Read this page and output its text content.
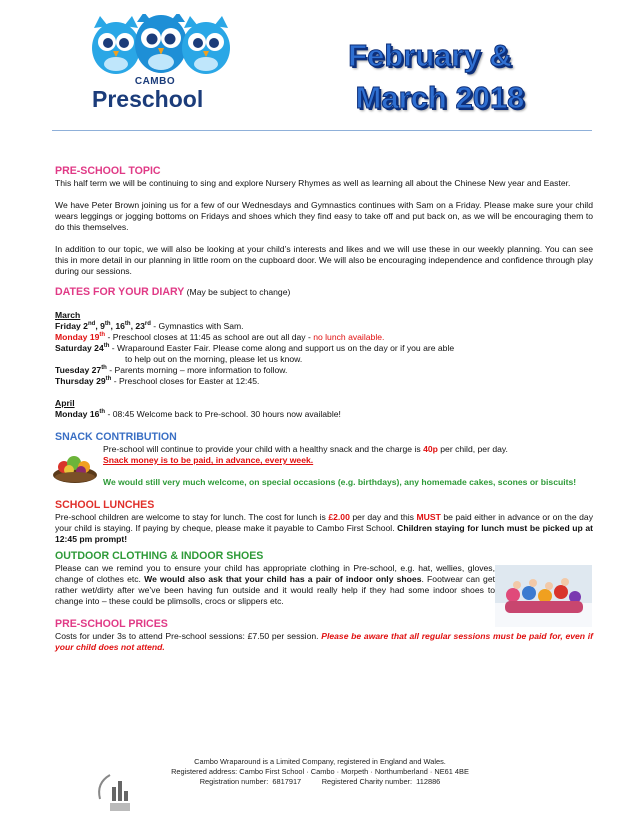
CAMBO
Preschool
February &
March 2018
PRE-SCHOOL TOPIC

This half term we will be continuing to sing and explore Nursery Rhymes as well as learning all about the Chinese New year and Easter.

We have Peter Brown joining us for a few of our Wednesdays and Gymnastics continues with Sam on a Friday. Please make sure your child wears leggings or jogging bottoms on Fridays and shoes which they find easy to take off and put back on, as we will be encouraging them to do this themselves.

In addition to our topic, we will also be looking at your child’s interests and likes and we will use these in our weekly planning. You can see this in more detail in our planning in little room on the cupboard door. We will also be encouraging independence and confidence through play during our sessions.

DATES FOR YOUR DIARY (May be subject to change)
March
Friday 2nd, 9th, 16th, 23rd - Gymnastics with Sam.
Monday 19th - Preschool closes at 11:45 as school are out all day - no lunch available.
Saturday 24th - Wraparound Easter Fair. Please come along and support us on the day or if you are able
to help out on the morning, please let us know.
Tuesday 27th - Parents morning – more information to follow.
Thursday 29th - Preschool closes for Easter at 12:45.
April
Monday 16th - 08:45 Welcome back to Pre-school. 30 hours now available!
SNACK CONTRIBUTION
Pre-school will continue to provide your child with a healthy snack and the charge is 40p per child, per day.
Snack money is to be paid, in advance, every week.

We would still very much welcome, on special occasions (e.g. birthdays), any homemade cakes, scones or biscuits!

SCHOOL LUNCHES

Pre-school children are welcome to stay for lunch. The cost for lunch is £2.00 per day and this MUST be paid either in advance or on the day your child is staying. If paying by cheque, please make it payable to Cambo First School. Children staying for lunch must be picked up at 12:45 pm prompt!

OUTDOOR CLOTHING & INDOOR SHOES

Please can we remind you to ensure your child has appropriate clothing in Pre-school, e.g. hat, wellies, gloves, change of clothes etc. We would also ask that your child has a pair of indoor only shoes. Footwear can get rather wet/dirty after we’ve been having fun outside and it would really help if they had some indoor shoes to change into – these could be plimsolls, crocs or slippers etc.

PRE-SCHOOL PRICES

Costs for under 3s to attend Pre-school sessions: £7.50 per session. Please be aware that all regular sessions must be paid for, even if your child does not attend.

Cambo Wraparound is a Limited Company, registered in England and Wales.
Registered address: Cambo First School · Cambo · Morpeth · Northumberland · NE61 4BE
Registration number:  6817917          Registered Charity number:  112886
